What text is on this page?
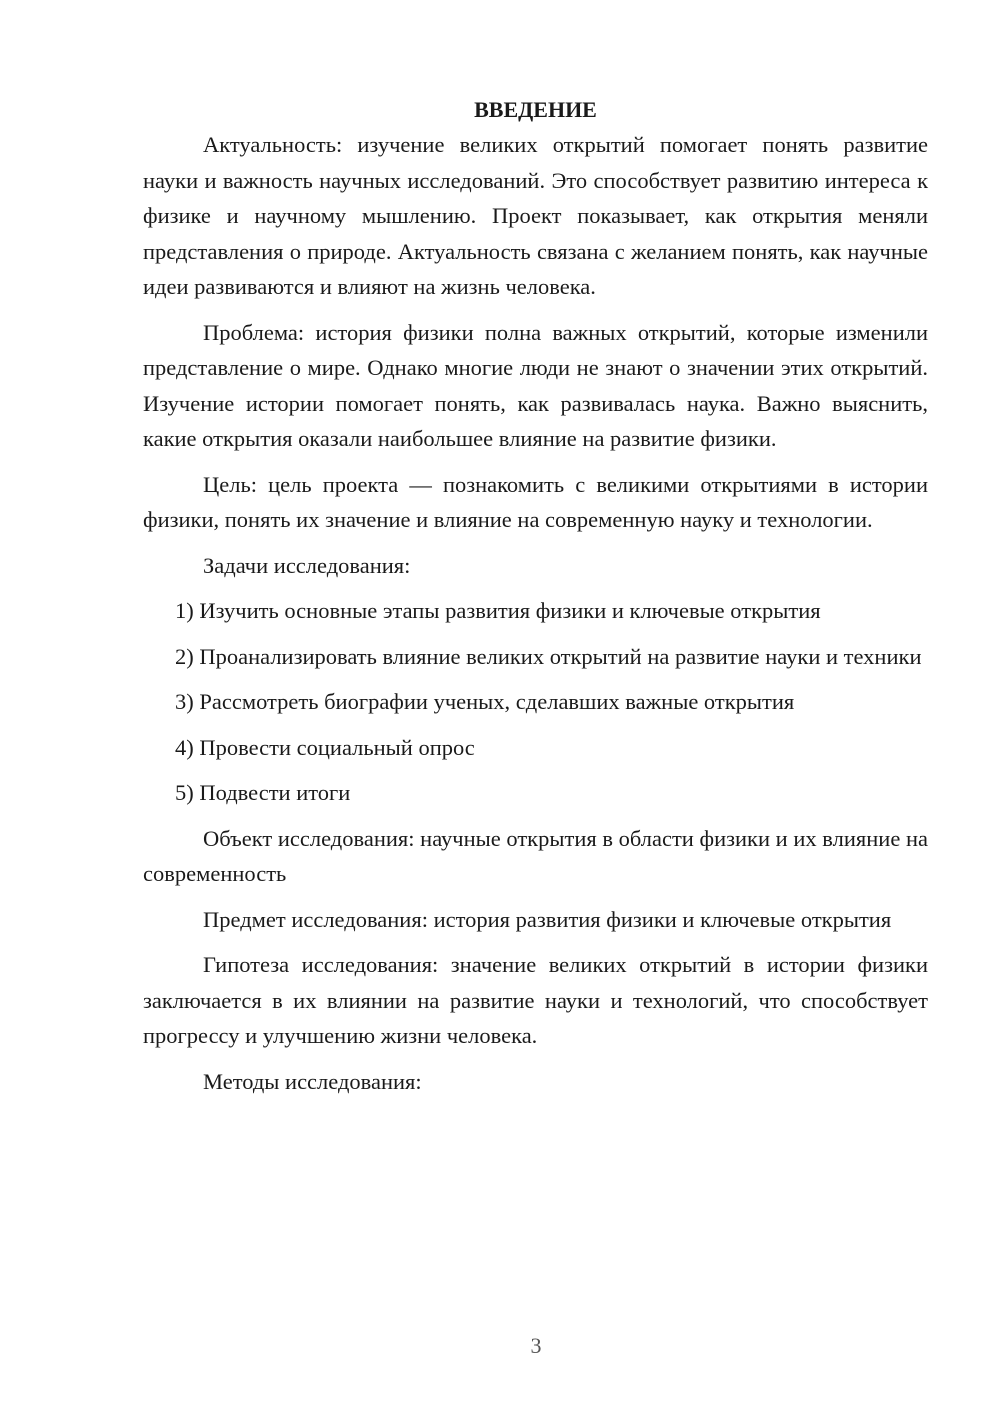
ВВЕДЕНИЕ

Актуальность: изучение великих открытий помогает понять развитие науки и важность научных исследований. Это способствует развитию интереса к физике и научному мышлению. Проект показывает, как открытия меняли представления о природе. Актуальность связана с желанием понять, как научные идеи развиваются и влияют на жизнь человека.

Проблема: история физики полна важных открытий, которые изменили представление о мире. Однако многие люди не знают о значении этих открытий. Изучение истории помогает понять, как развивалась наука. Важно выяснить, какие открытия оказали наибольшее влияние на развитие физики.

Цель: цель проекта — познакомить с великими открытиями в истории физики, понять их значение и влияние на современную науку и технологии.

Задачи исследования:

1) Изучить основные этапы развития физики и ключевые открытия

2) Проанализировать влияние великих открытий на развитие науки и техники

3) Рассмотреть биографии ученых, сделавших важные открытия

4) Провести социальный опрос

5) Подвести итоги

Объект исследования: научные открытия в области физики и их влияние на современность

Предмет исследования: история развития физики и ключевые открытия

Гипотеза исследования: значение великих открытий в истории физики заключается в их влиянии на развитие науки и технологий, что способствует прогрессу и улучшению жизни человека.

Методы исследования:

3
